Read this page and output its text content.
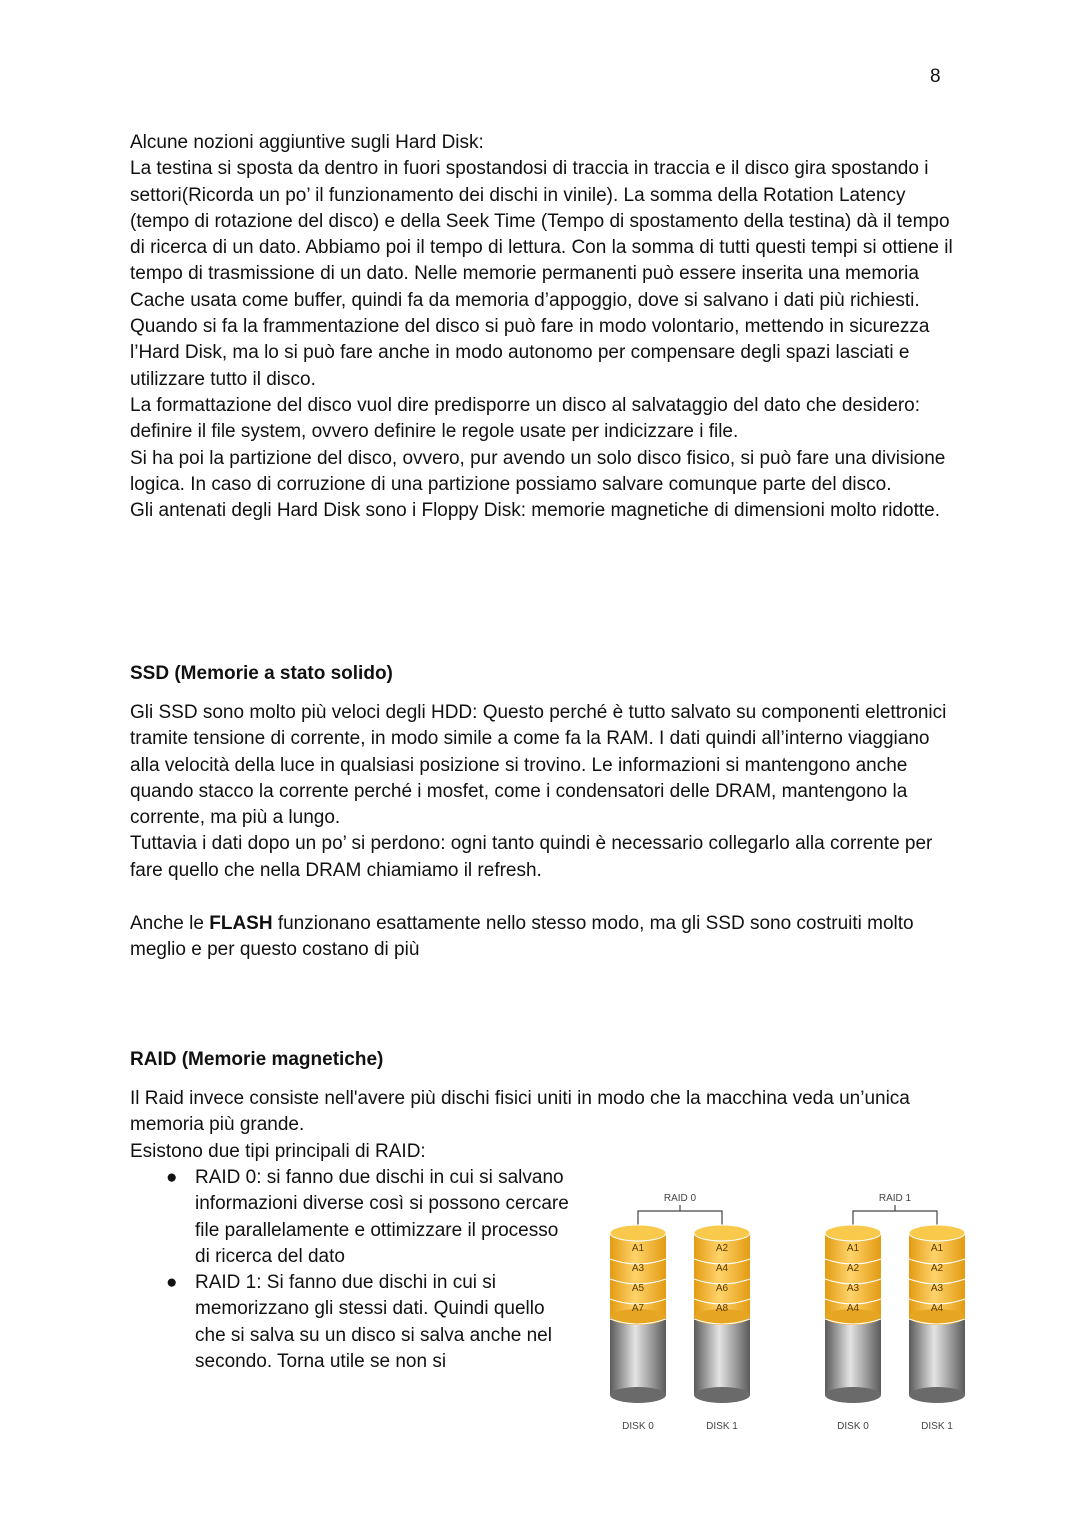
8

Alcune nozioni aggiuntive sugli Hard Disk:

La testina si sposta da dentro in fuori spostandosi di traccia in traccia e il disco gira spostando i settori(Ricorda un po’ il funzionamento dei dischi in vinile). La somma della Rotation Latency (tempo di rotazione del disco) e della Seek Time (Tempo di spostamento della testina) dà il tempo di ricerca di un dato. Abbiamo poi il tempo di lettura. Con la somma di tutti questi tempi si ottiene il tempo di trasmissione di un dato. Nelle memorie permanenti può essere inserita una memoria Cache usata come buffer, quindi fa da memoria d’appoggio, dove si salvano i dati più richiesti.

Quando si fa la frammentazione del disco si può fare in modo volontario, mettendo in sicurezza l’Hard Disk, ma lo si può fare anche in modo autonomo per compensare degli spazi lasciati e utilizzare tutto il disco.

La formattazione del disco vuol dire predisporre un disco al salvataggio del dato che desidero: definire il file system, ovvero definire le regole usate per indicizzare i file.

Si ha poi la partizione del disco, ovvero, pur avendo un solo disco fisico, si può fare una divisione logica. In caso di corruzione di una partizione possiamo salvare comunque parte del disco.

Gli antenati degli Hard Disk sono i Floppy Disk: memorie magnetiche di dimensioni molto ridotte.

SSD (Memorie a stato solido)

Gli SSD sono molto più veloci degli HDD: Questo perché è tutto salvato su componenti elettronici tramite tensione di corrente, in modo simile a come fa la RAM. I dati quindi all’interno viaggiano alla velocità della luce in qualsiasi posizione si trovino. Le informazioni si mantengono anche quando stacco la corrente perché i mosfet, come i condensatori delle DRAM, mantengono la corrente, ma più a lungo.

Tuttavia i dati dopo un po’ si perdono: ogni tanto quindi è necessario collegarlo alla corrente per fare quello che nella DRAM chiamiamo il refresh.

Anche le FLASH funzionano esattamente nello stesso modo, ma gli SSD sono costruiti molto meglio e per questo costano di più

RAID (Memorie magnetiche)

Il Raid invece consiste nell'avere più dischi fisici uniti in modo che la macchina veda un’unica memoria più grande.

Esistono due tipi principali di RAID:

● RAID 0: si fanno due dischi in cui si salvano informazioni diverse così si possono cercare file parallelamente e ottimizzare il processo di ricerca del dato
● RAID 1: Si fanno due dischi in cui si memorizzano gli stessi dati. Quindi quello che si salva su un disco si salva anche nel secondo. Torna utile se non si
RAID 0
A1
A3
A5
A7
DISK 0
A2
A4
A6
A8
DISK 1
RAID 1
A1
A2
A3
A4
DISK 0
A1
A2
A3
A4
DISK 1
